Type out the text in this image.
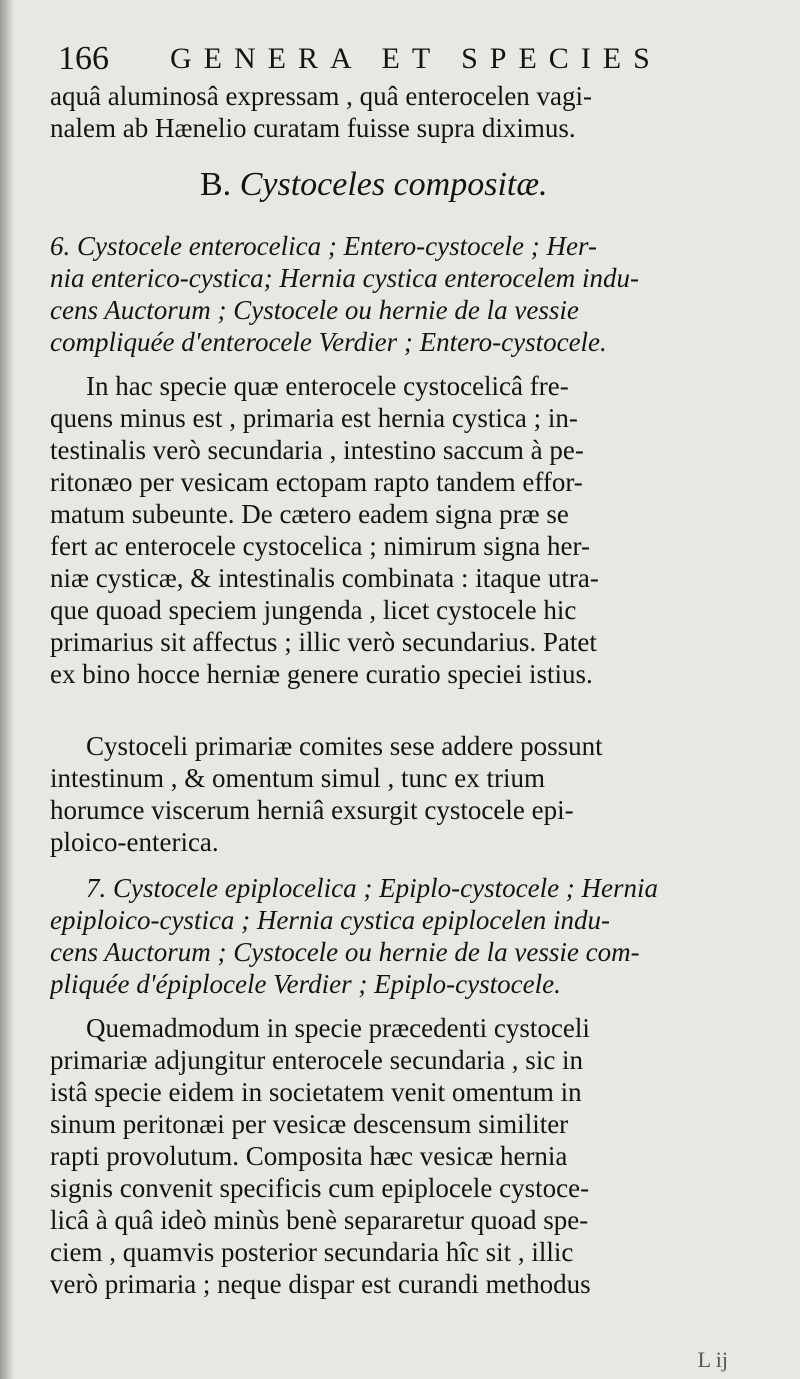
166 GENERA ET SPECIES
aquâ aluminosâ expressam , quâ enterocelen vagi-
nalem ab Hænelio curatam fuisse supra diximus.
B. Cystoceles compositæ.
6. Cystocele enterocelica ; Entero-cystocele ; Her-
nia enterico-cystica; Hernia cystica enterocelem indu-
cens Auctorum ; Cystocele ou hernie de la vessie
compliquée d'enterocele Verdier ; Entero-cystocele.
In hac specie quæ enterocele cystocelicâ fre-
quens minus est , primaria est hernia cystica ; in-
testinalis verò secundaria , intestino saccum à pe-
ritonæo per vesicam ectopam rapto tandem effor-
matum subeunte. De cætero eadem signa præ se
fert ac enterocele cystocelica ; nimirum signa her-
niæ cysticæ, & intestinalis combinata : itaque utra-
que quoad speciem jungenda , licet cystocele hic
primarius sit affectus ; illic verò secundarius. Patet
ex bino hocce herniæ genere curatio speciei istius.
Cystoceli primariæ comites sese addere possunt
intestinum , & omentum simul , tunc ex trium
horumce viscerum herniâ exsurgit cystocele epi-
ploico-enterica.
7. Cystocele epiplocelica ; Epiplo-cystocele ; Hernia
epiploico-cystica ; Hernia cystica epiplocelen indu-
cens Auctorum ; Cystocele ou hernie de la vessie com-
pliquée d'épiplocele Verdier ; Epiplo-cystocele.
Quemadmodum in specie præcedenti cystoceli
primariæ adjungitur enterocele secundaria , sic in
istâ specie eidem in societatem venit omentum in
sinum peritonæi per vesicæ descensum similiter
rapti provolutum. Composita hæc vesicæ hernia
signis convenit specificis cum epiplocele cystoce-
licâ à quâ ideò minùs benè separaretur quoad spe-
ciem , quamvis posterior secundaria hîc sit , illic
verò primaria ; neque dispar est curandi methodus
L ij
